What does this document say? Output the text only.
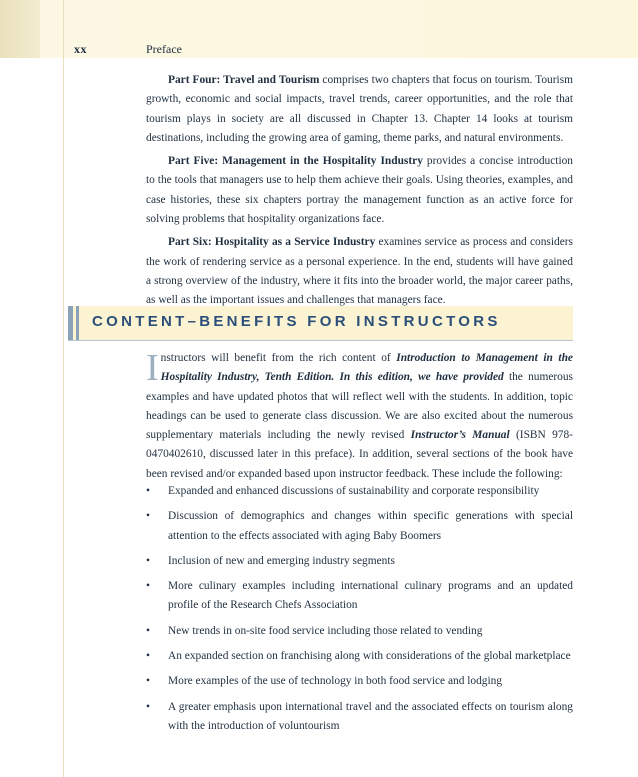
xx	Preface

Part Four: Travel and Tourism comprises two chapters that focus on tourism. Tourism growth, economic and social impacts, travel trends, career opportunities, and the role that tourism plays in society are all discussed in Chapter 13. Chapter 14 looks at tourism destinations, including the growing area of gaming, theme parks, and natural environments.

Part Five: Management in the Hospitality Industry provides a concise introduction to the tools that managers use to help them achieve their goals. Using theories, examples, and case histories, these six chapters portray the management function as an active force for solving problems that hospitality organizations face.

Part Six: Hospitality as a Service Industry examines service as process and considers the work of rendering service as a personal experience. In the end, students will have gained a strong overview of the industry, where it fits into the broader world, the major career paths, as well as the important issues and challenges that managers face.

CONTENT–BENEFITS FOR INSTRUCTORS

Instructors will benefit from the rich content of Introduction to Management in the Hospitality Industry, Tenth Edition. In this edition, we have provided the numerous examples and have updated photos that will reflect well with the students. In addition, topic headings can be used to generate class discussion. We are also excited about the numerous supplementary materials including the newly revised Instructor’s Manual (ISBN 978-0470402610, discussed later in this preface). In addition, several sections of the book have been revised and/or expanded based upon instructor feedback. These include the following:

• Expanded and enhanced discussions of sustainability and corporate responsibility
• Discussion of demographics and changes within specific generations with special attention to the effects associated with aging Baby Boomers
• Inclusion of new and emerging industry segments
• More culinary examples including international culinary programs and an updated profile of the Research Chefs Association
• New trends in on-site food service including those related to vending
• An expanded section on franchising along with considerations of the global marketplace
• More examples of the use of technology in both food service and lodging
• A greater emphasis upon international travel and the associated effects on tourism along with the introduction of voluntourism
